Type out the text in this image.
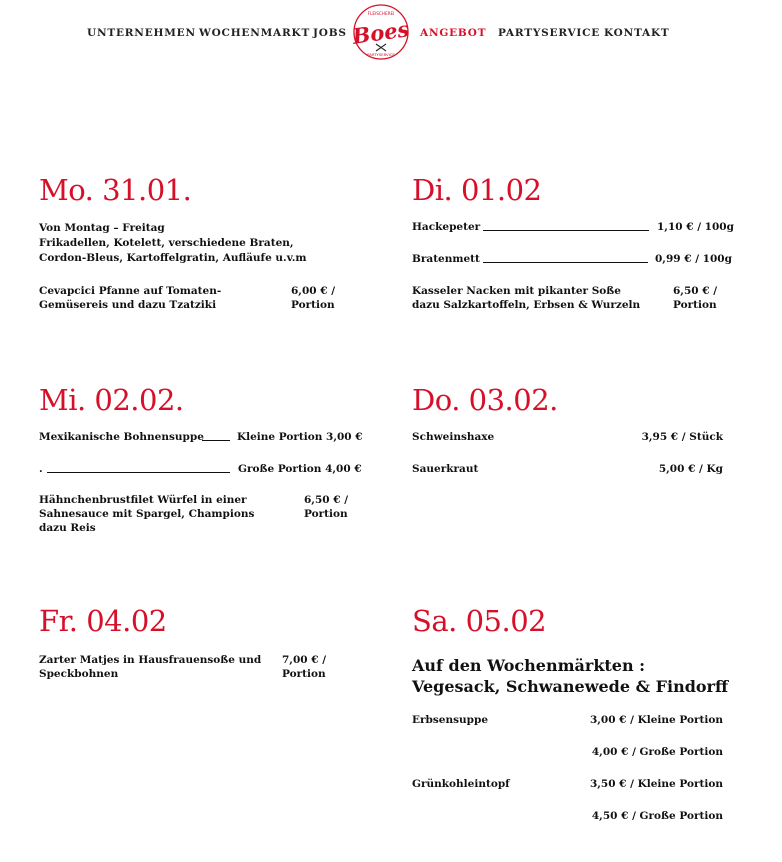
UNTERNEHMEN WOCHENMARKT JOBS
FLEISCHEREI
Boes
PARTYSERVICE
ANGEBOT PARTYSERVICE KONTAKT
Mo. 31.01.
Von Montag – Freitag
Frikadellen, Kotelett, verschiedene Braten, Cordon-Bleus, Kartoffelgratin, Aufläufe u.v.m
Cevapcici Pfanne auf Tomaten-Gemüsereis und dazu Tzatziki
6,00 € / Portion
Di. 01.02
Hackepeter	1,10 € / 100g
Bratenmett	0,99 € / 100g
Kasseler Nacken mit pikanter Soße dazu Salzkartoffeln, Erbsen & Wurzeln
6,50 € / Portion
Mi. 02.02.
Mexikanische Bohnensuppe	Kleine Portion 3,00 €
.	Große Portion 4,00 €
Hähnchenbrustfilet Würfel in einer Sahnesauce mit Spargel, Champions dazu Reis
6,50 € / Portion
Do. 03.02.
Schweinshaxe	3,95 € / Stück
Sauerkraut	5,00 € / Kg
Fr. 04.02
Zarter Matjes in Hausfrauensoße und Speckbohnen
7,00 € / Portion
Sa. 05.02
Auf den Wochenmärkten : Vegesack, Schwanewede & Findorff
Erbsensuppe	3,00 € / Kleine Portion
4,00 € / Große Portion
Grünkohleintopf	3,50 € / Kleine Portion
4,50 € / Große Portion
